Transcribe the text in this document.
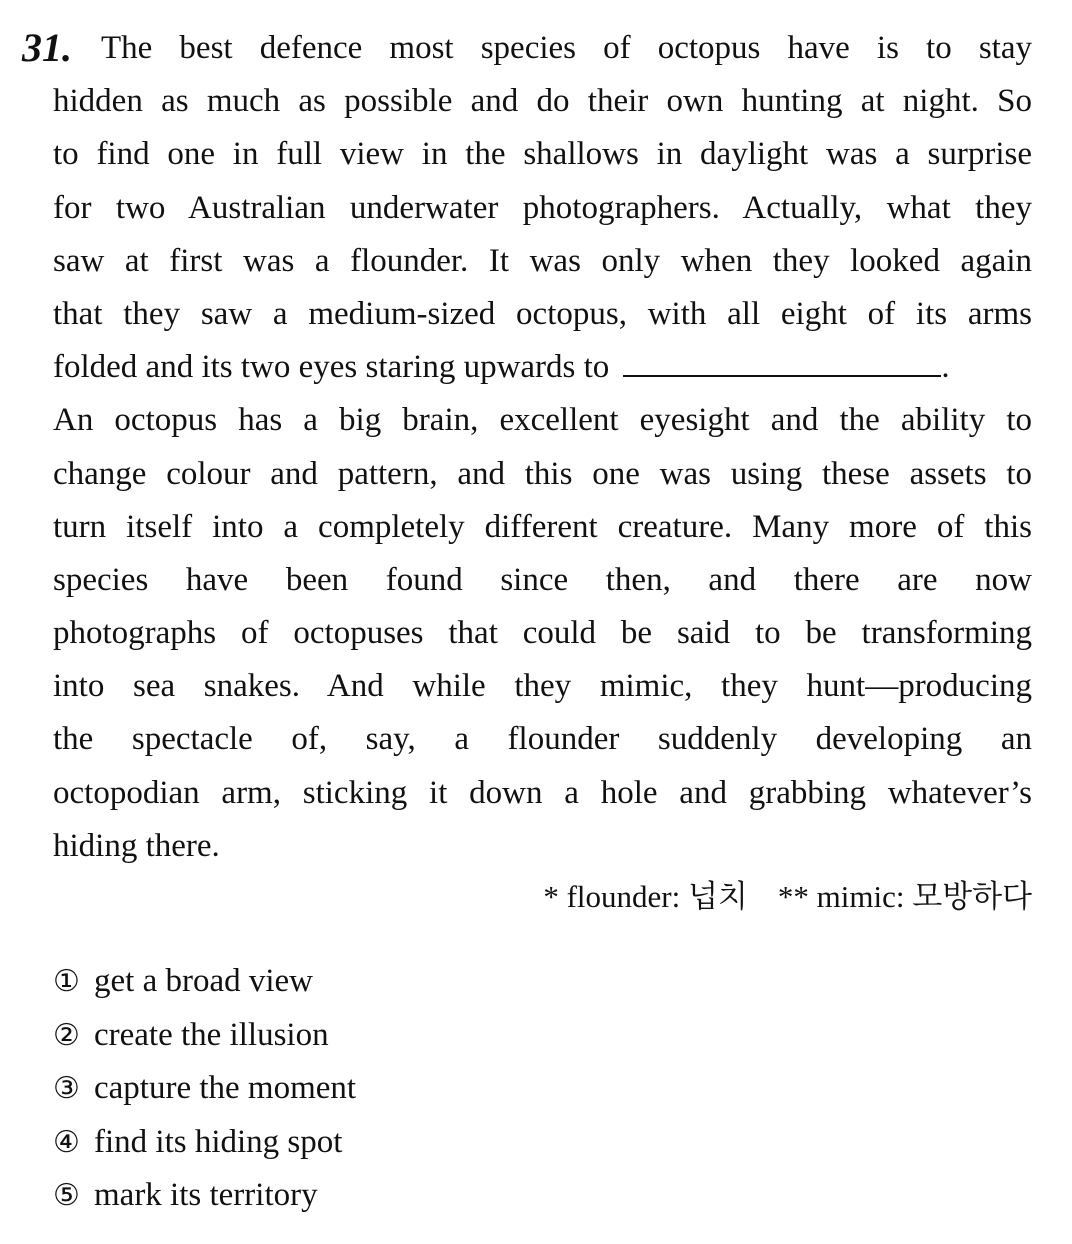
31. The best defence most species of octopus have is to stay
hidden as much as possible and do their own hunting at night. So
to find one in full view in the shallows in daylight was a surprise
for two Australian underwater photographers. Actually, what they
saw at first was a flounder. It was only when they looked again
that they saw a medium-sized octopus, with all eight of its arms
folded and its two eyes staring upwards to	.
An octopus has a big brain, excellent eyesight and the ability to
change colour and pattern, and this one was using these assets to
turn itself into a completely different creature. Many more of this
species have been found since then, and there are now
photographs of octopuses that could be said to be transforming
into sea snakes. And while they mimic, they hunt—producing
the spectacle of, say, a flounder suddenly developing an
octopodian arm, sticking it down a hole and grabbing whatever’s
hiding there.
* flounder: 넙치 ** mimic: 모방하다
① get a broad view
② create the illusion
③ capture the moment
④ find its hiding spot
⑤ mark its territory
